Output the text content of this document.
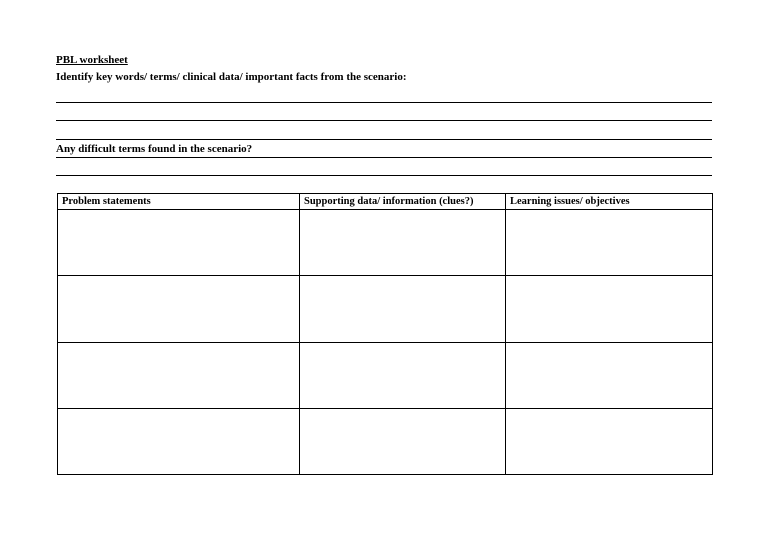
PBL worksheet
Identify key words/ terms/ clinical data/ important facts from the scenario:
Any difficult terms found in the scenario?
Problem statements	Supporting data/ information (clues?)	Learning issues/ objectives
